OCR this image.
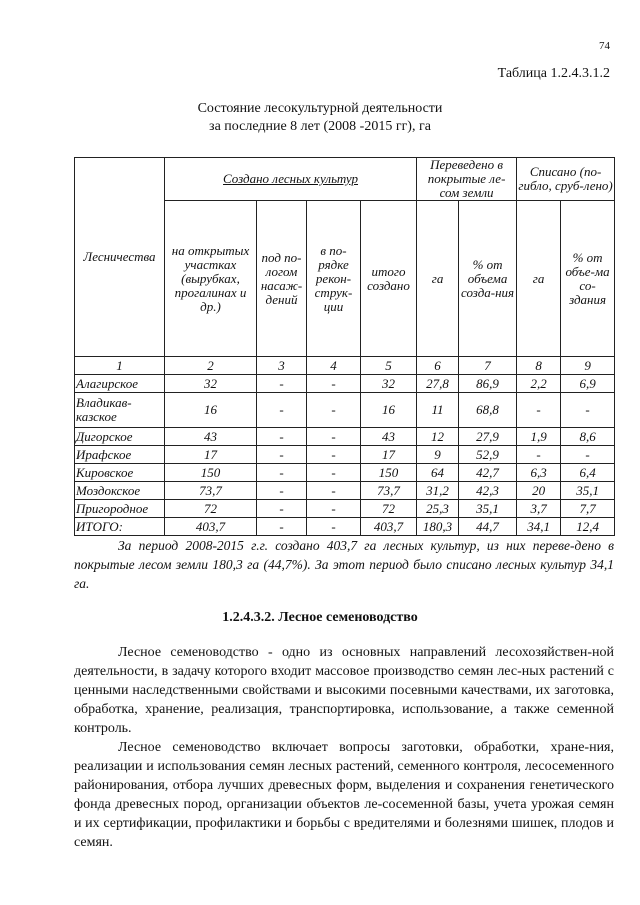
74
Таблица 1.2.4.3.1.2
Состояние лесокультурной деятельности
за последние 8 лет (2008 -2015 гг), га
Лесничества	Создано лесных культур				Переведено в покрытые ле-сом земли		Списано (по-гибло, сруб-лено)	
	на открытых участках (вырубках, прогалинах и др.)	под по-логом насаж-дений	в по-рядке рекон-струк-ции	итого создано	га	% от объема созда-ния	га	% от объе-ма со-здания

1	2	3	4	5	6	7	8	9
Алагирское	32	-	-	32	27,8	86,9	2,2	6,9
Владикав-казское	16	-	-	16	11	68,8	-	-
Дигорское	43	-	-	43	12	27,9	1,9	8,6
Ирафское	17	-	-	17	9	52,9	-	-
Кировское	150	-	-	150	64	42,7	6,3	6,4
Моздокское	73,7	-	-	73,7	31,2	42,3	20	35,1
Пригородное	72	-	-	72	25,3	35,1	3,7	7,7
ИТОГО:	403,7	-	-	403,7	180,3	44,7	34,1	12,4
За период 2008-2015 г.г. создано 403,7 га лесных культур, из них переве-дено в покрытые лесом земли 180,3 га (44,7%). За этот период было списано лесных культур 34,1 га.
1.2.4.3.2. Лесное семеноводство

Лесное семеноводство - одно из основных направлений лесохозяйствен-ной деятельности, в задачу которого входит массовое производство семян лес-ных растений с ценными наследственными свойствами и высокими посевными качествами, их заготовка, обработка, хранение, реализация, транспортировка, использование, а также семенной контроль.

Лесное семеноводство включает вопросы заготовки, обработки, хране-ния, реализации и использования семян лесных растений, семенного контроля, лесосеменного районирования, отбора лучших древесных форм, выделения и сохранения генетического фонда древесных пород, организации объектов ле-сосеменной базы, учета урожая семян и их сертификации, профилактики и борьбы с вредителями и болезнями шишек, плодов и семян.
